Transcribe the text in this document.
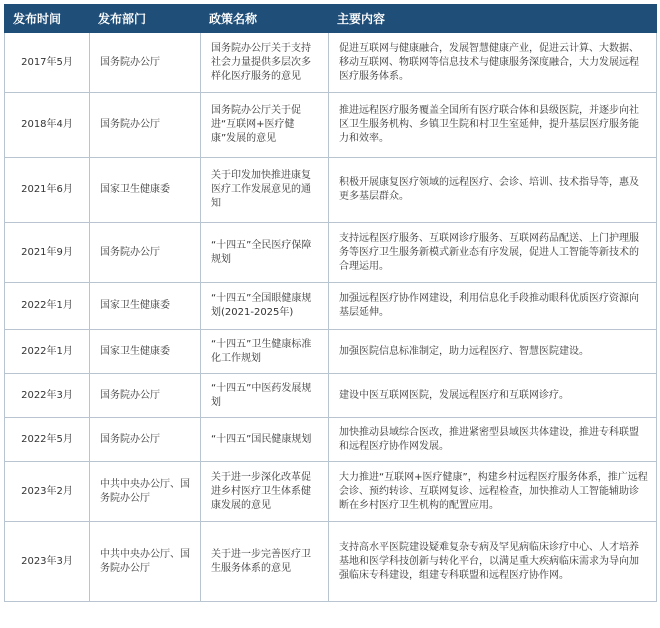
发布时间	发布部门	政策名称	主要内容
2017年5月	国务院办公厅	国务院办公厅关于支持社会力量提供多层次多样化医疗服务的意见	促进互联网与健康融合，发展智慧健康产业，促进云计算、大数据、移动互联网、物联网等信息技术与健康服务深度融合，大力发展远程医疗服务体系。
2018年4月	国务院办公厅	国务院办公厅关于促进“互联网+医疗健康”发展的意见	推进远程医疗服务覆盖全国所有医疗联合体和县级医院，并逐步向社区卫生服务机构、乡镇卫生院和村卫生室延伸，提升基层医疗服务能力和效率。
2021年6月	国家卫生健康委	关于印发加快推进康复医疗工作发展意见的通知	积极开展康复医疗领域的远程医疗、会诊、培训、技术指导等，惠及更多基层群众。
2021年9月	国务院办公厅	“十四五”全民医疗保障规划	支持远程医疗服务、互联网诊疗服务、互联网药品配送、上门护理服务等医疗卫生服务新模式新业态有序发展，促进人工智能等新技术的合理运用。
2022年1月	国家卫生健康委	“十四五”全国眼健康规划(2021-2025年)	加强远程医疗协作网建设，利用信息化手段推动眼科优质医疗资源向基层延伸。
2022年1月	国家卫生健康委	“十四五”卫生健康标准化工作规划	加强医院信息标准制定，助力远程医疗、智慧医院建设。
2022年3月	国务院办公厅	“十四五”中医药发展规划	建设中医互联网医院，发展远程医疗和互联网诊疗。
2022年5月	国务院办公厅	“十四五”国民健康规划	加快推动县域综合医改，推进紧密型县域医共体建设，推进专科联盟和远程医疗协作网发展。
2023年2月	中共中央办公厅、国务院办公厅	关于进一步深化改革促进乡村医疗卫生体系健康发展的意见	大力推进“互联网+医疗健康”，构建乡村远程医疗服务体系，推广远程会诊、预约转诊、互联网复诊、远程检查，加快推动人工智能辅助诊断在乡村医疗卫生机构的配置应用。
2023年3月	中共中央办公厅、国务院办公厅	关于进一步完善医疗卫生服务体系的意见	支持高水平医院建设疑难复杂专病及罕见病临床诊疗中心、人才培养基地和医学科技创新与转化平台，以满足重大疾病临床需求为导向加强临床专科建设，组建专科联盟和远程医疗协作网。
